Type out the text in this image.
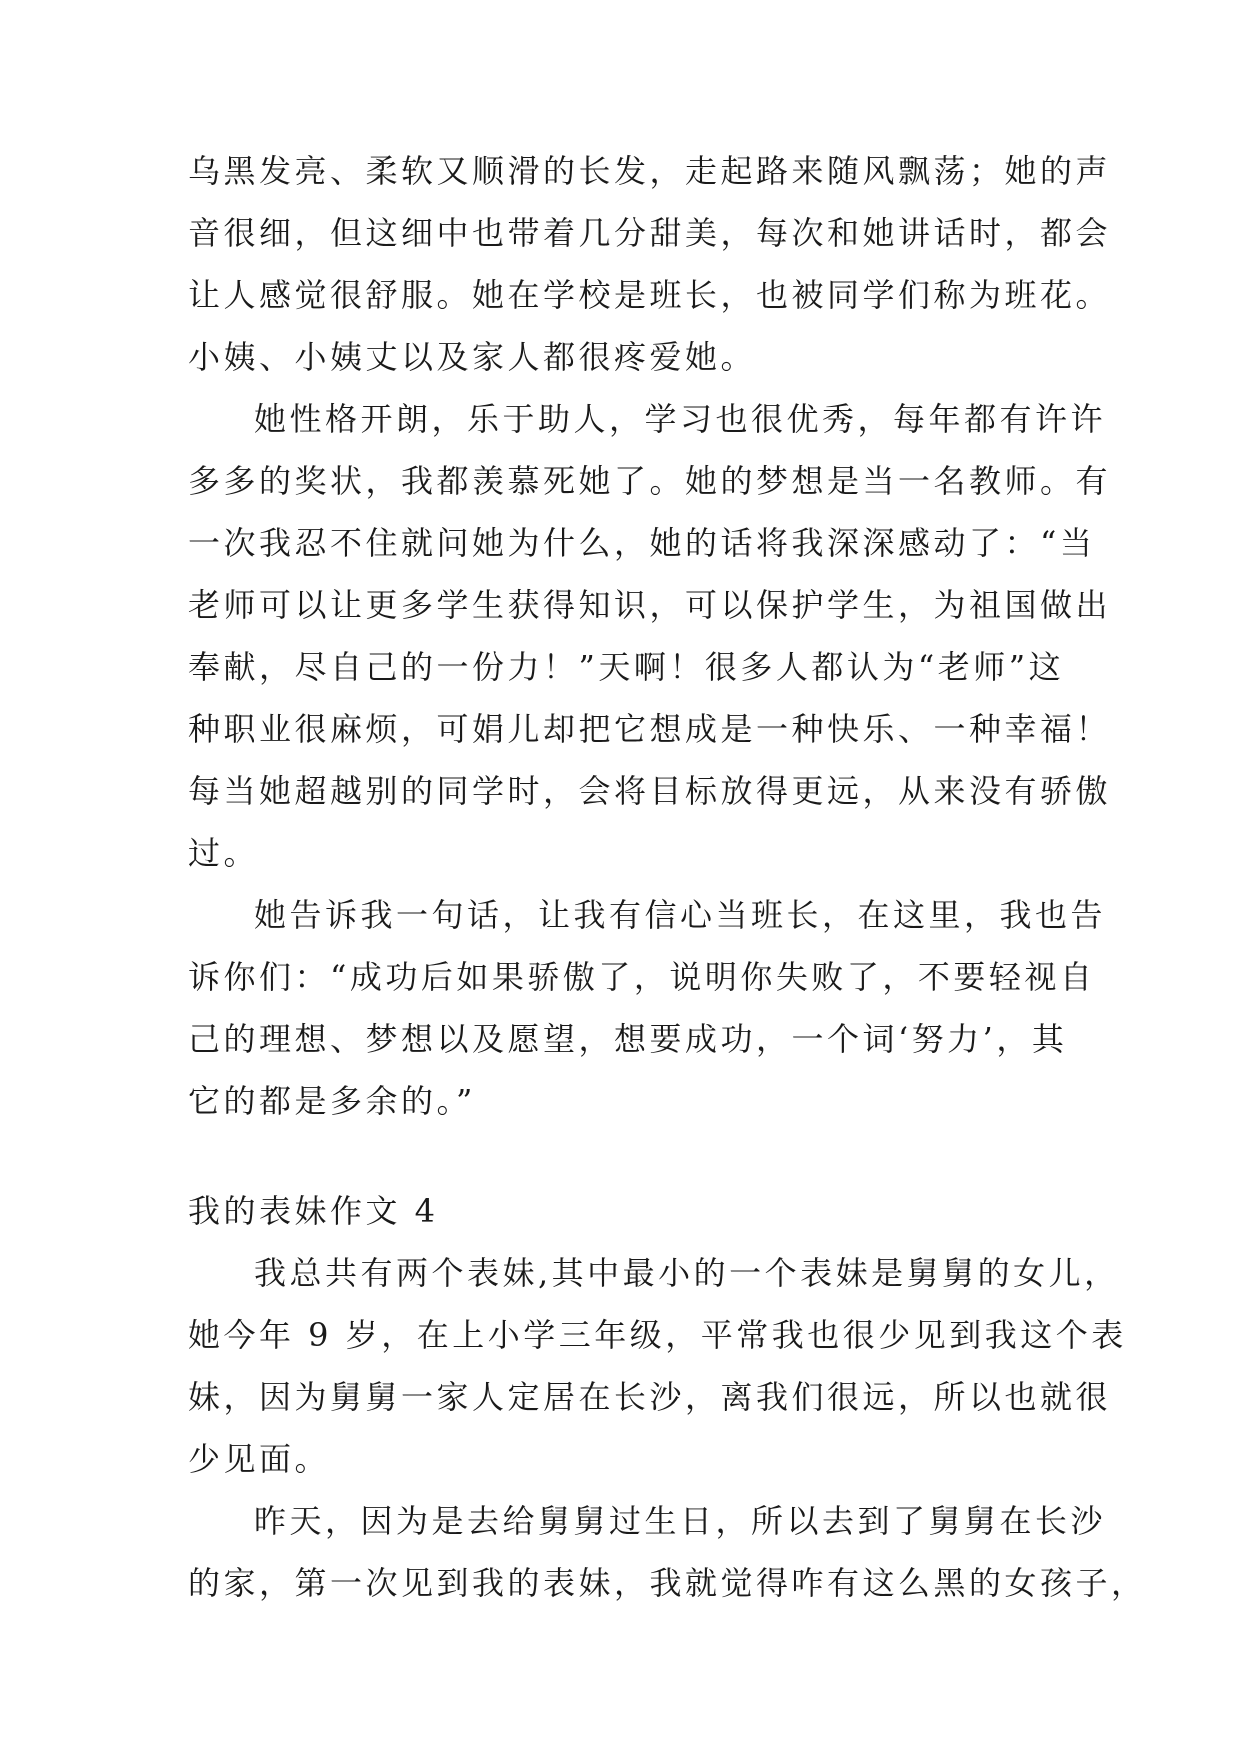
乌黑发亮、柔软又顺滑的长发，走起路来随风飘荡；她的声
音很细，但这细中也带着几分甜美，每次和她讲话时，都会
让人感觉很舒服。她在学校是班长，也被同学们称为班花。
小姨、小姨丈以及家人都很疼爱她。

她性格开朗，乐于助人，学习也很优秀，每年都有许许
多多的奖状，我都羡慕死她了。她的梦想是当一名教师。有
一次我忍不住就问她为什么，她的话将我深深感动了：“当
老师可以让更多学生获得知识，可以保护学生，为祖国做出
奉献，尽自己的一份力！”天啊！很多人都认为“老师”这
种职业很麻烦，可娟儿却把它想成是一种快乐、一种幸福！
每当她超越别的同学时，会将目标放得更远，从来没有骄傲
过。

她告诉我一句话，让我有信心当班长，在这里，我也告
诉你们：“成功后如果骄傲了，说明你失败了，不要轻视自
己的理想、梦想以及愿望，想要成功，一个词‘努力’，其
它的都是多余的。”

我的表妹作文 4

我总共有两个表妹,其中最小的一个表妹是舅舅的女儿，
她今年 9 岁，在上小学三年级，平常我也很少见到我这个表
妹，因为舅舅一家人定居在长沙，离我们很远，所以也就很
少见面。

昨天，因为是去给舅舅过生日，所以去到了舅舅在长沙
的家，第一次见到我的表妹，我就觉得咋有这么黑的女孩子，
